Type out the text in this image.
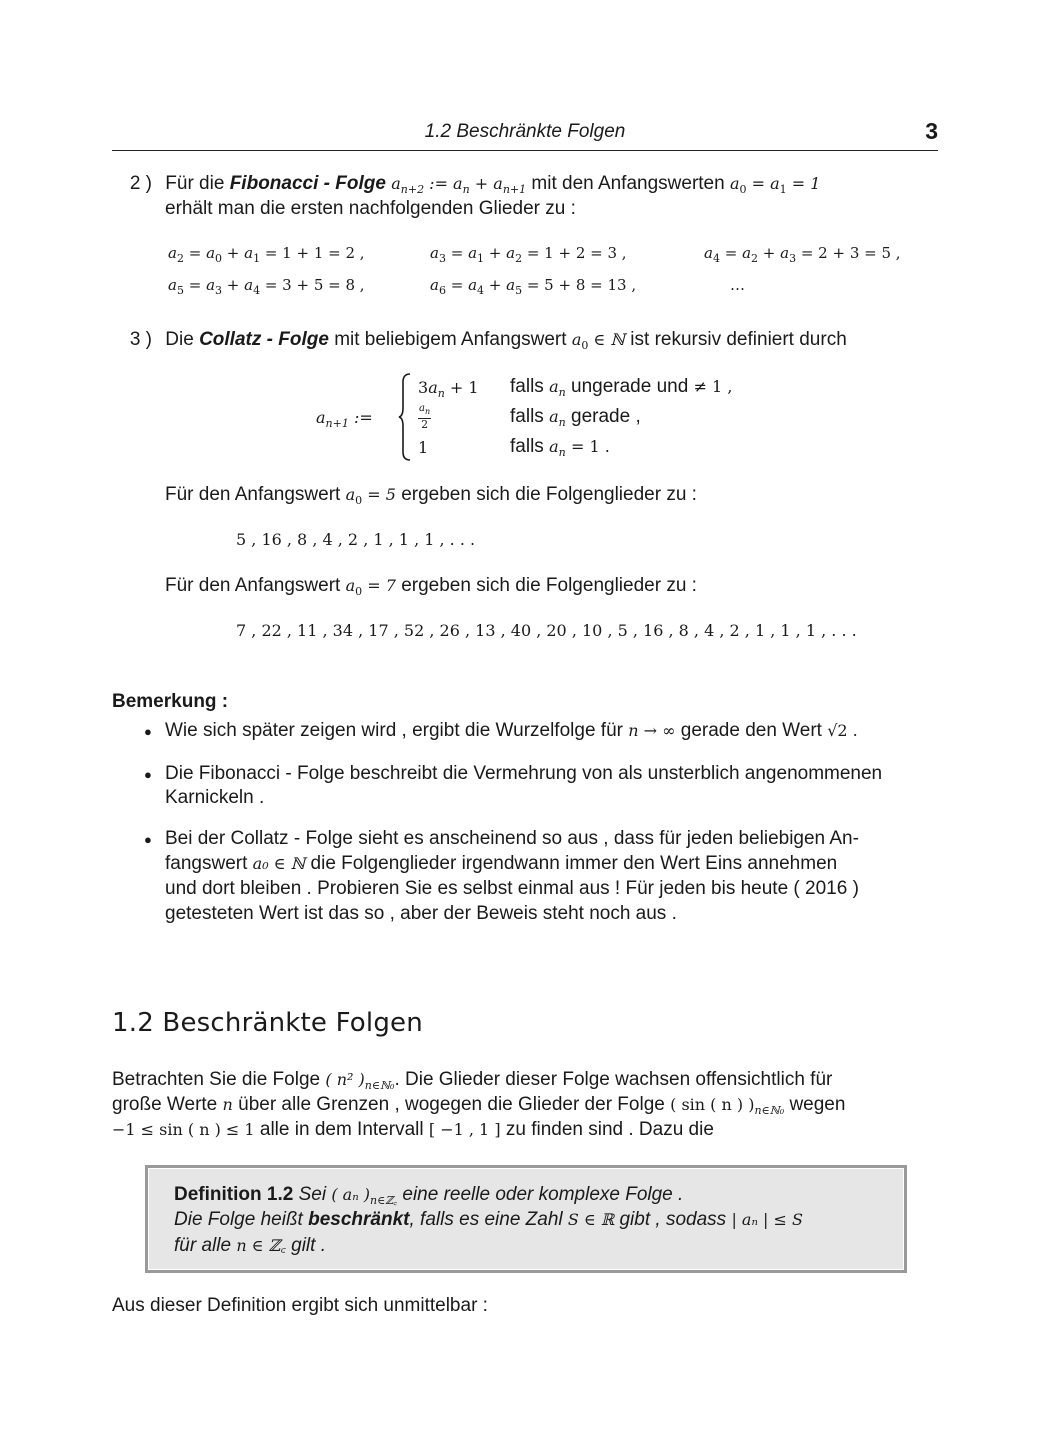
1.2 Beschränkte Folgen	3
2 ) Für die Fibonacci - Folge $a_{n+2}$ := $a_n + a_{n+1}$ mit den Anfangswerten $a_0 = a_1 = 1$
erhält man die ersten nachfolgenden Glieder zu :
$a_2 = a_0 + a_1 = 1 + 1 = 2$ ,	$a_3 = a_1 + a_2 = 1 + 2 = 3$ ,	$a_4 = a_2 + a_3 = 2 + 3 = 5$ ,
$a_5 = a_3 + a_4 = 3 + 5 = 8$ ,	$a_6 = a_4 + a_5 = 5 + 8 = 13$ ,	…
3 ) Die Collatz - Folge mit beliebigem Anfangswert $a_0$ ∈ ℕ ist rekursiv definiert durch
$a_{n+1}$ :=
$3a_n + 1$ falls $a_n$ ungerade und ≠ 1 ,
$\frac{a_n}{2}$	falls $a_n$ gerade ,
1	falls $a_n = 1$ .
Für den Anfangswert $a_0 = 5$ ergeben sich die Folgenglieder zu :
5 , 16 , 8 , 4 , 2 , 1 , 1 , 1 , . . .
Für den Anfangswert $a_0 = 7$ ergeben sich die Folgenglieder zu :
7 , 22 , 11 , 34 , 17 , 52 , 26 , 13 , 40 , 20 , 10 , 5 , 16 , 8 , 4 , 2 , 1 , 1 , 1 , . . .
Bemerkung :
● Wie sich später zeigen wird , ergibt die Wurzelfolge für n → ∞ gerade den Wert √2 .
● Die Fibonacci - Folge beschreibt die Vermehrung von als unsterblich angenommenen
Karnickeln .
● Bei der Collatz - Folge sieht es anscheinend so aus , dass für jeden beliebigen An-
fangswert a₀ ∈ ℕ die Folgenglieder irgendwann immer den Wert Eins annehmen
und dort bleiben . Probieren Sie es selbst einmal aus ! Für jeden bis heute ( 2016 )
getesteten Wert ist das so , aber der Beweis steht noch aus .
1.2 Beschränkte Folgen
Betrachten Sie die Folge ( n² )$_{n\in ℕ_0}$. Die Glieder dieser Folge wachsen offensichtlich für
große Werte n über alle Grenzen , wogegen die Glieder der Folge ( sin ( n ) )$_{n\in ℕ_0}$ wegen
−1 ≤ sin ( n ) ≤ 1 alle in dem Intervall [ −1 , 1 ] zu finden sind . Dazu die
Definition 1.2 Sei ( aₙ )$_{n\in ℤ꜀}$ eine reelle oder komplexe Folge .
Die Folge heißt beschränkt, falls es eine Zahl S ∈ ℝ gibt , sodass | aₙ | ≤ S
für alle n ∈ ℤ꜀ gilt .
Aus dieser Definition ergibt sich unmittelbar :
